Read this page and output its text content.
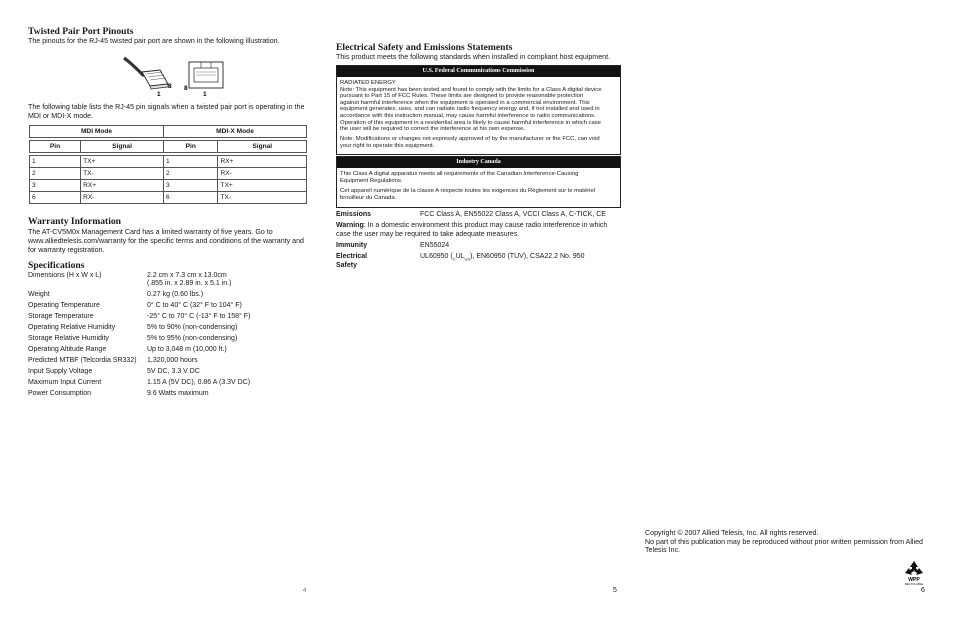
Twisted Pair Port Pinouts
The pinouts for the RJ-45 twisted pair port are shown in the following illustration.
1
8 8
1
The following table lists the RJ-45 pin signals when a twisted pair port is operating in the MDI or MDI-X mode.
MDI Mode		MDI-X Mode	

Pin	Signal	Pin	Signal

1	TX+	1	RX+
2	TX-	2	RX-
3	RX+	3	TX+
6	RX-	6	TX-
Warranty Information
The AT-CV5M0x Management Card has a limited warranty of five years. Go to www.alliedtelesis.com/warranty for the specific terms and conditions of the warranty and for warranty registration.
Specifications
Dimensions (H x W x L)	2.2 cm x 7.3 cm x 13.0cm
(.855 in. x 2.89 in. x 5.1 in.)
Weight	0.27 kg (0.60 lbs.)
Operating Temperature	0° C to 40° C (32° F to 104° F)
Storage Temperature	-25° C to 70° C (-13° F to 158° F)
Operating Relative Humidity	5% to 90% (non-condensing)
Storage Relative Humidity	5% to 95% (non-condensing)
Operating Altitude Range	Up to 3,048 m (10,000 ft.)
Predicted MTBF (Telcordia SR332) 1,320,000 hours
Input Supply Voltage	5V DC, 3.3 V DC
Maximum Input Current	1.15 A (5V DC), 0.86 A (3.3V DC)
Power Consumption	9.6 Watts maximum
4
Electrical Safety and Emissions Statements
This product meets the following standards when installed in compliant host equipment.
U.S. Federal Communications Commission
RADIATED ENERGY
Note: This equipment has been tested and found to comply with the limits for a Class A digital device
pursuant to Part 15 of FCC Rules. These limits are designed to provide reasonable protection
against harmful interference when the equipment is operated in a commercial environment. This
equipment generates, uses, and can radiate radio frequency energy and, if not installed and used in
accordance with this instruction manual, may cause harmful interference to radio communications.
Operation of this equipment in a residential area is likely to cause harmful interference in which case
the user will be required to correct the interference at his own expense.
Note: Modifications or changes not expressly approved of by the manufacturer or the FCC, can void
your right to operate this equipment.
Industry Canada
This Class A digital apparatus meets all requirements of the Canadian Interference-Causing
Equipment Regulations.
Cet appareil numérique de la classe A respecte toutes les exigences du Règlement sur le matériel
brouilleur du Canada.
Emissions	FCC Class A, EN55022 Class A, VCCI Class A, C-TICK, CE
Warning: In a domestic environment this product may cause radio interference in which
case the user may be required to take adequate measures.
Immunity	EN55024
Electrical Safety
UL60950 $(_CUL_{US})$, EN60950 (TUV), CSA22.2 No. 950
5
Copyright © 2007 Allied Telesis, Inc. All rights reserved.
No part of this publication may be reproduced without prior written permission from Allied
Telesis Inc.
WPP
RECYCLABLE
6
